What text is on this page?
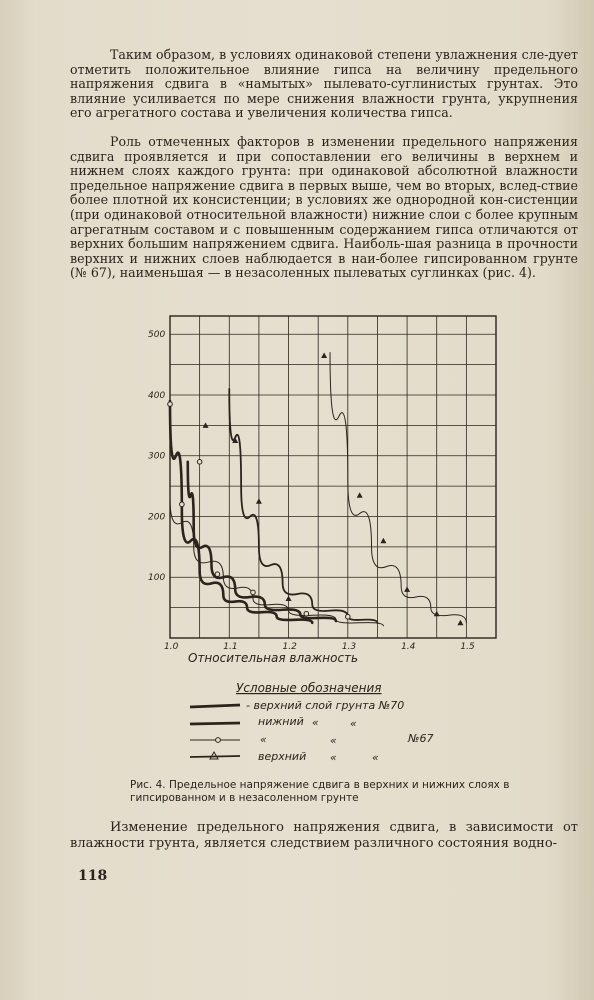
Таким образом, в условиях одинаковой степени увлажнения сле-дует отметить положительное влияние гипса на величину предельного напряжения сдвига в «намытых» пылевато-суглинистых грунтах. Это влияние усиливается по мере снижения влажности грунта, укрупнения его агрегатного состава и увеличения количества гипса.

Роль отмеченных факторов в изменении предельного напряжения сдвига проявляется и при сопоставлении его величины в верхнем и нижнем слоях каждого грунта: при одинаковой абсолютной влажности предельное напряжение сдвига в первых выше, чем во вторых, вслед-ствие более плотной их консистенции; в условиях же однородной кон-систенции (при одинаковой относительной влажности) нижние слои с более крупным агрегатным составом и с повышенным содержанием гипса отличаются от верхних большим напряжением сдвига. Наиболь-шая разница в прочности верхних и нижних слоев наблюдается в наи-более гипсированном грунте (№ 67), наименьшая — в незасоленных пылеватых суглинках (рис. 4).

1.0	1.1	1.2	1.3	1.4	1.5
100
200
300
400
500
Относительная влажность
Условные обозначения
- верхний слой грунта №70
нижний «	«
«	«	№67
верхний «	«
Рис. 4. Предельное напряжение сдвига в верхних и нижних слоях в гипсированном и в незасоленном грунте

Изменение предельного напряжения сдвига, в зависимости от влажности грунта, является следствием различного состояния водно-

118
